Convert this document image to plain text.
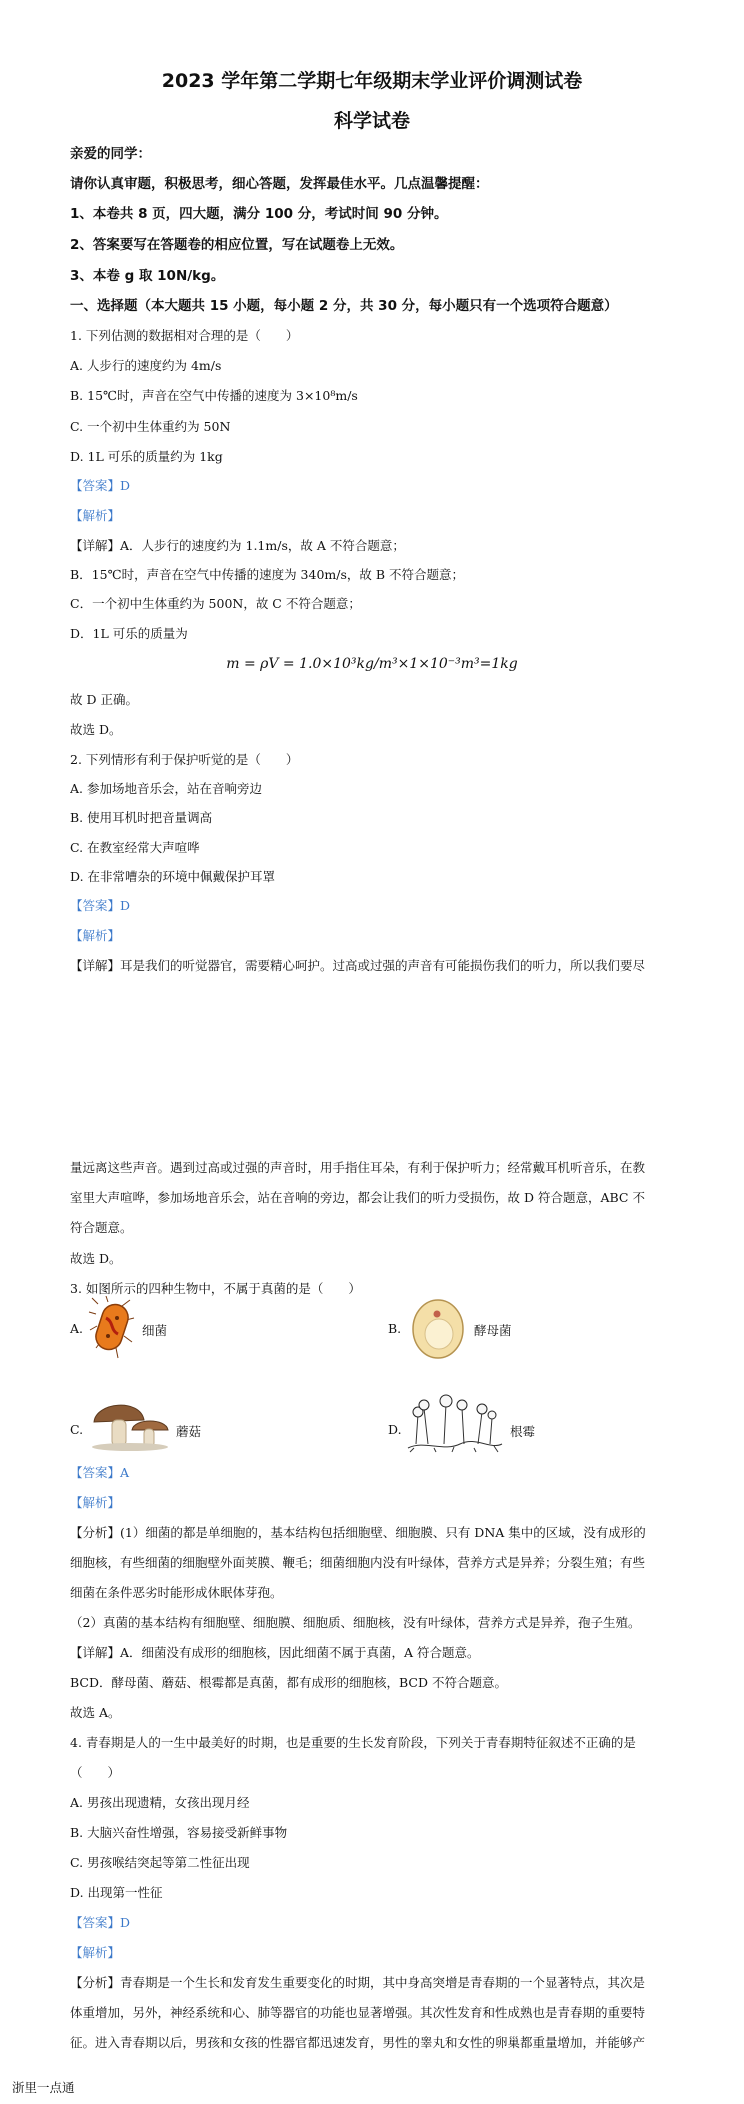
2023 学年第二学期七年级期末学业评价调测试卷
科学试卷
亲爱的同学：
请你认真审题，积极思考，细心答题，发挥最佳水平。几点温馨提醒：
1、本卷共 8 页，四大题，满分 100 分，考试时间 90 分钟。
2、答案要写在答题卷的相应位置，写在试题卷上无效。
3、本卷 g 取 10N/kg。
一、选择题（本大题共 15 小题，每小题 2 分，共 30 分，每小题只有一个选项符合题意）
1. 下列估测的数据相对合理的是（　　）
A. 人步行的速度约为 4m/s
B. 15℃时，声音在空气中传播的速度为 3×10⁸m/s
C. 一个初中生体重约为 50N
D. 1L 可乐的质量约为 1kg
【答案】D
【解析】
【详解】A．人步行的速度约为 1.1m/s，故 A 不符合题意；
B．15℃时，声音在空气中传播的速度为 340m/s，故 B 不符合题意；
C．一个初中生体重约为 500N，故 C 不符合题意；
D．1L 可乐的质量为
m = ρV = 1.0×10³kg/m³×1×10⁻³m³=1kg
故 D 正确。
故选 D。
2. 下列情形有利于保护听觉的是（　　）
A. 参加场地音乐会，站在音响旁边
B. 使用耳机时把音量调高
C. 在教室经常大声喧哗
D. 在非常嘈杂的环境中佩戴保护耳罩
【答案】D
【解析】
【详解】耳是我们的听觉器官，需要精心呵护。过高或过强的声音有可能损伤我们的听力，所以我们要尽
量远离这些声音。遇到过高或过强的声音时，用手指住耳朵，有利于保护听力；经常戴耳机听音乐，在教
室里大声喧哗，参加场地音乐会，站在音响的旁边，都会让我们的听力受损伤，故 D 符合题意，ABC 不
符合题意。
故选 D。
3. 如图所示的四种生物中，不属于真菌的是（　　）
A.	细菌	B.	酵母菌
C.	蘑菇	D.	根霉
【答案】A
【解析】
【分析】(1）细菌的都是单细胞的，基本结构包括细胞壁、细胞膜、只有 DNA 集中的区域，没有成形的
细胞核，有些细菌的细胞壁外面荚膜、鞭毛；细菌细胞内没有叶绿体，营养方式是异养；分裂生殖；有些
细菌在条件恶劣时能形成休眠体芽孢。
（2）真菌的基本结构有细胞壁、细胞膜、细胞质、细胞核，没有叶绿体，营养方式是异养，孢子生殖。
【详解】A．细菌没有成形的细胞核，因此细菌不属于真菌，A 符合题意。
BCD．酵母菌、蘑菇、根霉都是真菌，都有成形的细胞核，BCD 不符合题意。
故选 A。
4. 青春期是人的一生中最美好的时期，也是重要的生长发育阶段，下列关于青春期特征叙述不正确的是
（　　）
A. 男孩出现遗精，女孩出现月经
B. 大脑兴奋性增强，容易接受新鲜事物
C. 男孩喉结突起等第二性征出现
D. 出现第一性征
【答案】D
【解析】
【分析】青春期是一个生长和发育发生重要变化的时期，其中身高突增是青春期的一个显著特点，其次是
体重增加，另外，神经系统和心、肺等器官的功能也显著增强。其次性发育和性成熟也是青春期的重要特
征。进入青春期以后，男孩和女孩的性器官都迅速发育，男性的睾丸和女性的卵巢都重量增加，并能够产
浙里一点通
